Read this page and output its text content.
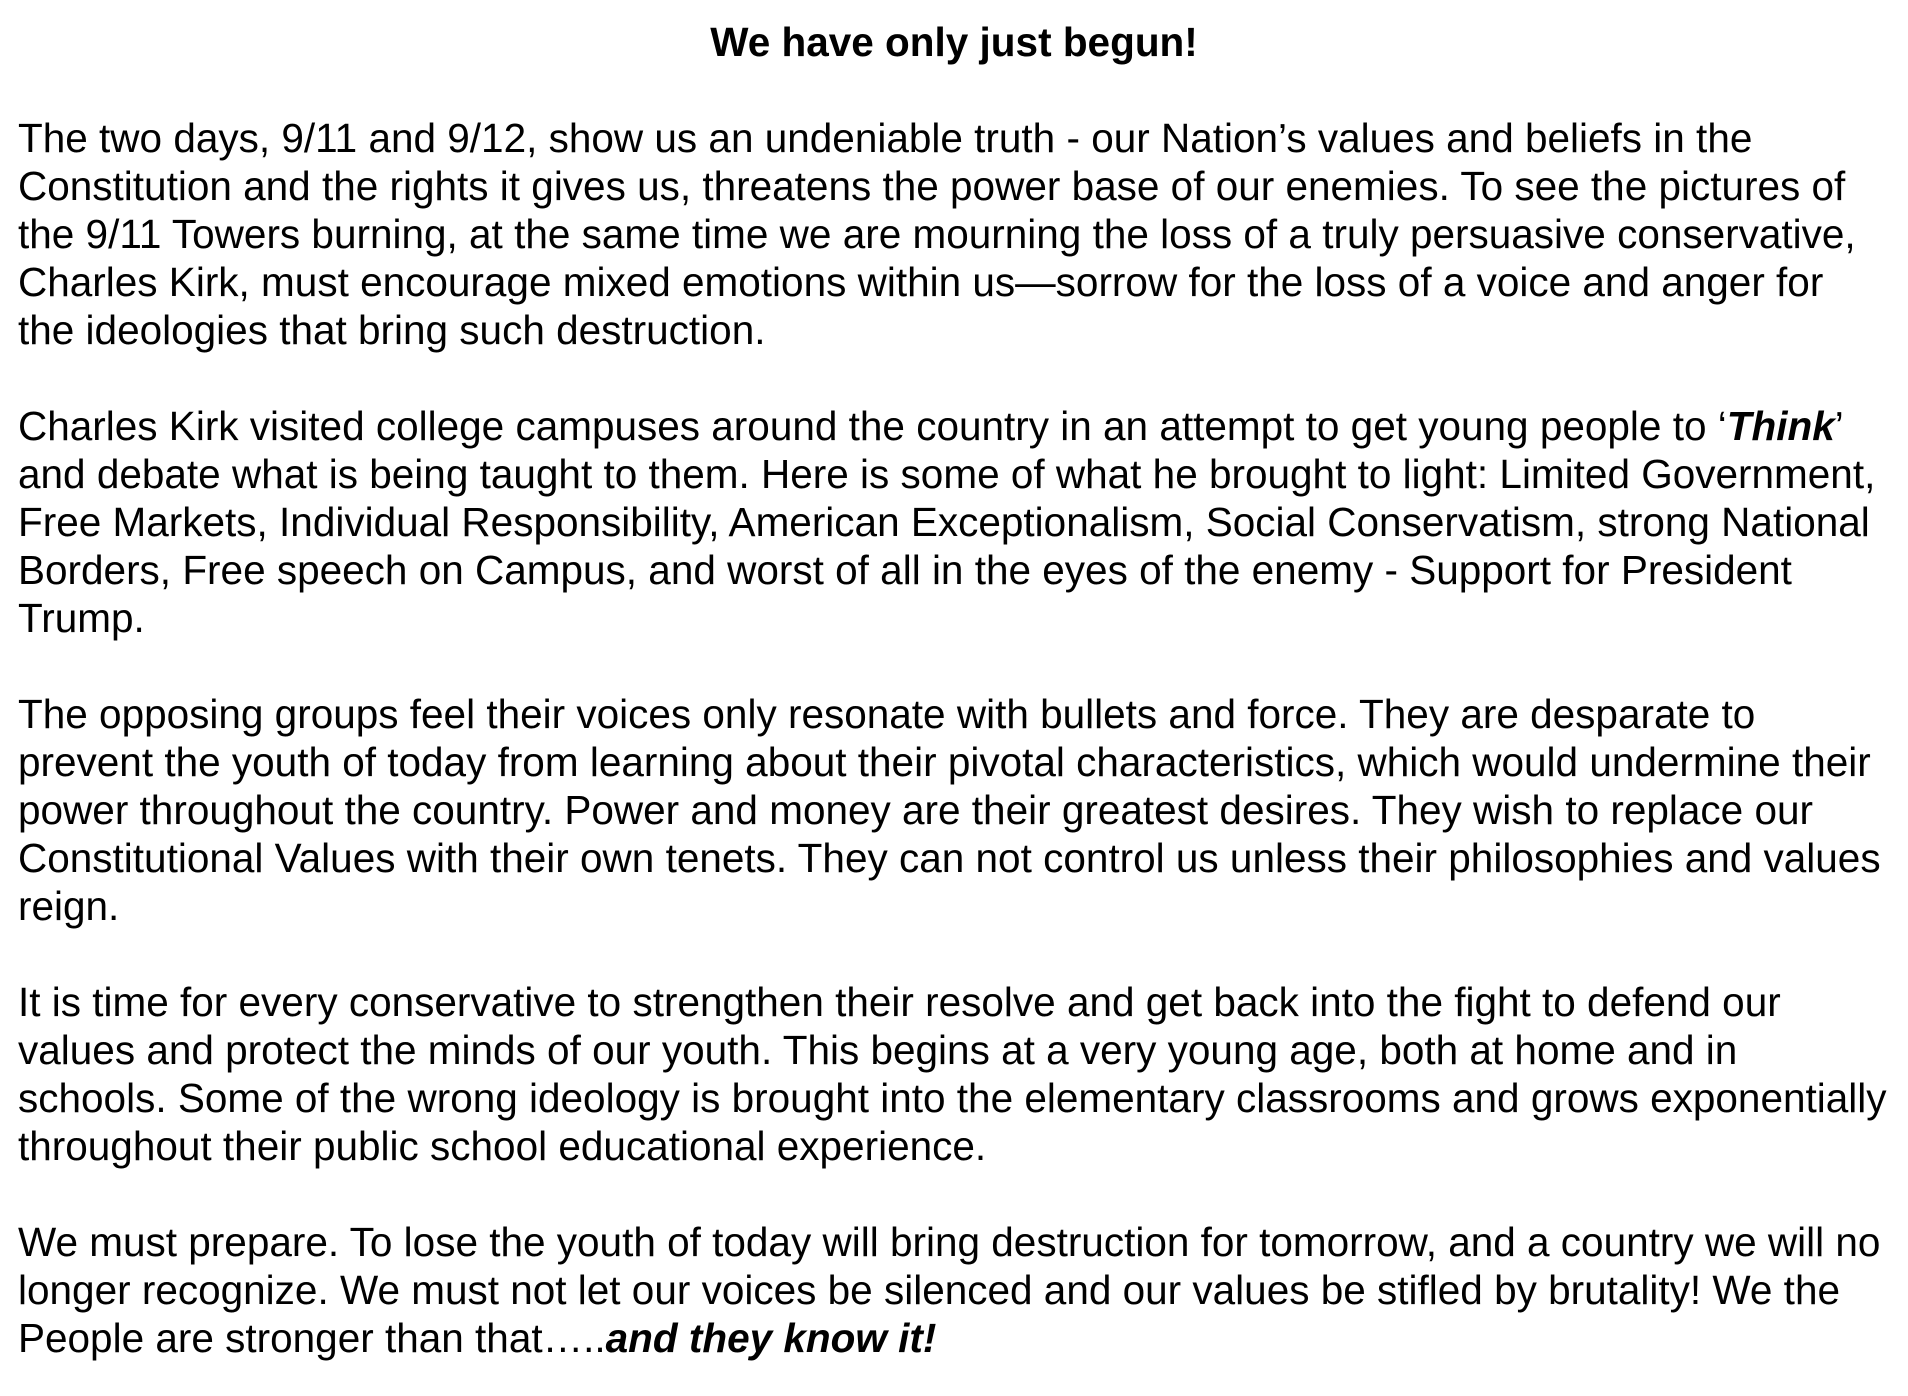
We have only just begun!

The two days, 9/11 and 9/12, show us an undeniable truth - our Nation’s values and beliefs in the Constitution and the rights it gives us, threatens the power base of our enemies. To see the pictures of the 9/11 Towers burning, at the same time we are mourning the loss of a truly persuasive conservative, Charles Kirk, must encourage mixed emotions within us—sorrow for the loss of a voice and anger for the ideologies that bring such destruction.

Charles Kirk visited college campuses around the country in an attempt to get young people to ‘Think’ and debate what is being taught to them. Here is some of what he brought to light: Limited Government, Free Markets, Individual Responsibility, American Exceptionalism, Social Conservatism, strong National Borders, Free speech on Campus, and worst of all in the eyes of the enemy - Support for President Trump.

The opposing groups feel their voices only resonate with bullets and force. They are desparate to prevent the youth of today from learning about their pivotal characteristics, which would undermine their power throughout the country. Power and money are their greatest desires. They wish to replace our Constitutional Values with their own tenets. They can not control us unless their philosophies and values reign.

It is time for every conservative to strengthen their resolve and get back into the fight to defend our values and protect the minds of our youth. This begins at a very young age, both at home and in schools. Some of the wrong ideology is brought into the elementary classrooms and grows exponentially throughout their public school educational experience.

We must prepare. To lose the youth of today will bring destruction for tomorrow, and a country we will no longer recognize. We must not let our voices be silenced and our values be stifled by brutality! We the People are stronger than that…..and they know it!
